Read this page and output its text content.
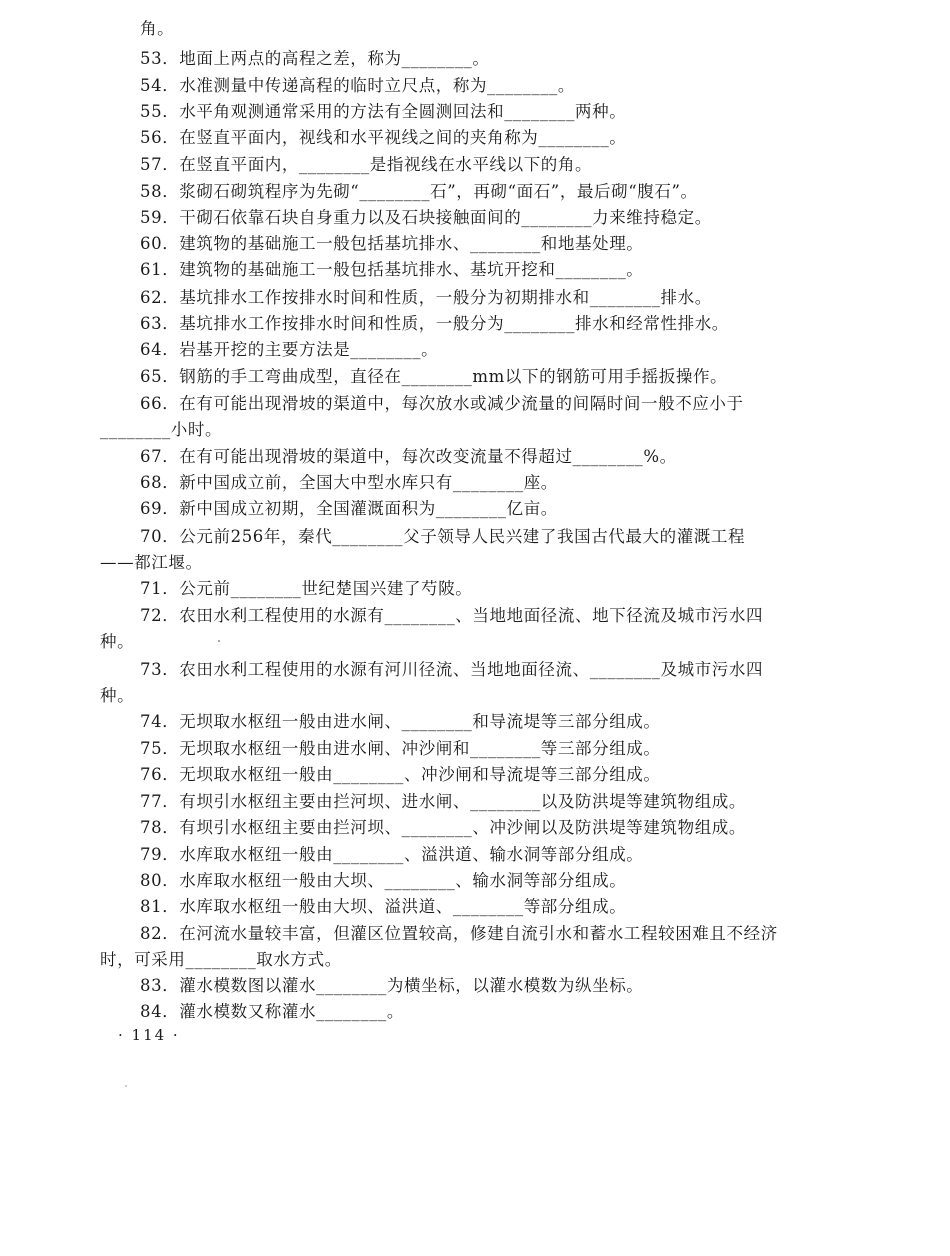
角。
53．地面上两点的高程之差，称为________。
54．水准测量中传递高程的临时立尺点，称为________。
55．水平角观测通常采用的方法有全圆测回法和________两种。
56．在竖直平面内，视线和水平视线之间的夹角称为________。
57．在竖直平面内，________是指视线在水平线以下的角。
58．浆砌石砌筑程序为先砌“________石”，再砌“面石”，最后砌“腹石”。
59．干砌石依靠石块自身重力以及石块接触面间的________力来维持稳定。
60．建筑物的基础施工一般包括基坑排水、________和地基处理。
61．建筑物的基础施工一般包括基坑排水、基坑开挖和________。
62．基坑排水工作按排水时间和性质，一般分为初期排水和________排水。
63．基坑排水工作按排水时间和性质，一般分为________排水和经常性排水。
64．岩基开挖的主要方法是________。
65．钢筋的手工弯曲成型，直径在________mm以下的钢筋可用手摇扳操作。
66．在有可能出现滑坡的渠道中，每次放水或减少流量的间隔时间一般不应小于
________小时。
67．在有可能出现滑坡的渠道中，每次改变流量不得超过________%。
68．新中国成立前，全国大中型水库只有________座。
69．新中国成立初期，全国灌溉面积为________亿亩。
70．公元前256年，秦代________父子领导人民兴建了我国古代最大的灌溉工程
——都江堰。
71．公元前________世纪楚国兴建了芍陂。
72．农田水利工程使用的水源有________、当地地面径流、地下径流及城市污水四
种。
73．农田水利工程使用的水源有河川径流、当地地面径流、________及城市污水四
种。
74．无坝取水枢纽一般由进水闸、________和导流堤等三部分组成。
75．无坝取水枢纽一般由进水闸、冲沙闸和________等三部分组成。
76．无坝取水枢纽一般由________、冲沙闸和导流堤等三部分组成。
77．有坝引水枢纽主要由拦河坝、进水闸、________以及防洪堤等建筑物组成。
78．有坝引水枢纽主要由拦河坝、________、冲沙闸以及防洪堤等建筑物组成。
79．水库取水枢纽一般由________、溢洪道、输水洞等部分组成。
80．水库取水枢纽一般由大坝、________、输水洞等部分组成。
81．水库取水枢纽一般由大坝、溢洪道、________等部分组成。
82．在河流水量较丰富，但灌区位置较高，修建自流引水和蓄水工程较困难且不经济
时，可采用________取水方式。
83．灌水模数图以灌水________为横坐标，以灌水模数为纵坐标。
84．灌水模数又称灌水________。
· 114 ·
